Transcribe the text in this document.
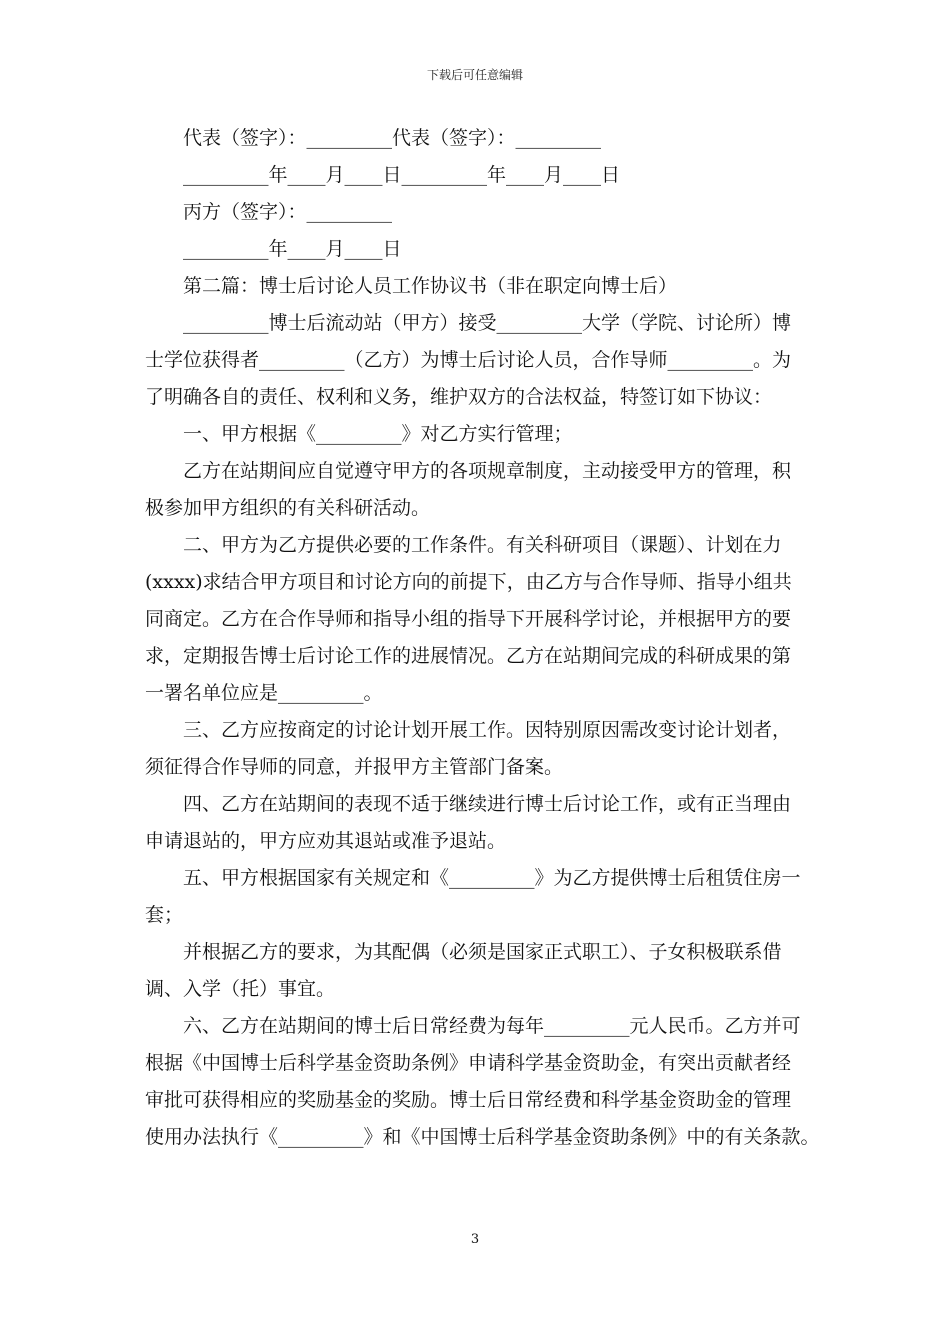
下载后可任意编辑

代表（签字）：_________代表（签字）：_________

_________年____月____日_________年____月____日

丙方（签字）：_________

_________年____月____日

第二篇：博士后讨论人员工作协议书（非在职定向博士后）

_________博士后流动站（甲方）接受_________大学（学院、讨论所）博

士学位获得者_________（乙方）为博士后讨论人员，合作导师_________。为

了明确各自的责任、权利和义务，维护双方的合法权益，特签订如下协议：

一、甲方根据《_________》对乙方实行管理；

乙方在站期间应自觉遵守甲方的各项规章制度，主动接受甲方的管理，积

极参加甲方组织的有关科研活动。

二、甲方为乙方提供必要的工作条件。有关科研项目（课题）、计划在力

(xxxx)求结合甲方项目和讨论方向的前提下，由乙方与合作导师、指导小组共

同商定。乙方在合作导师和指导小组的指导下开展科学讨论，并根据甲方的要

求，定期报告博士后讨论工作的进展情况。乙方在站期间完成的科研成果的第

一署名单位应是_________。

三、乙方应按商定的讨论计划开展工作。因特别原因需改变讨论计划者，

须征得合作导师的同意，并报甲方主管部门备案。

四、乙方在站期间的表现不适于继续进行博士后讨论工作，或有正当理由

申请退站的，甲方应劝其退站或准予退站。

五、甲方根据国家有关规定和《_________》为乙方提供博士后租赁住房一

套；

并根据乙方的要求，为其配偶（必须是国家正式职工）、子女积极联系借

调、入学（托）事宜。

六、乙方在站期间的博士后日常经费为每年_________元人民币。乙方并可

根据《中国博士后科学基金资助条例》申请科学基金资助金，有突出贡献者经

审批可获得相应的奖励基金的奖励。博士后日常经费和科学基金资助金的管理

使用办法执行《_________》和《中国博士后科学基金资助条例》中的有关条款。

3
